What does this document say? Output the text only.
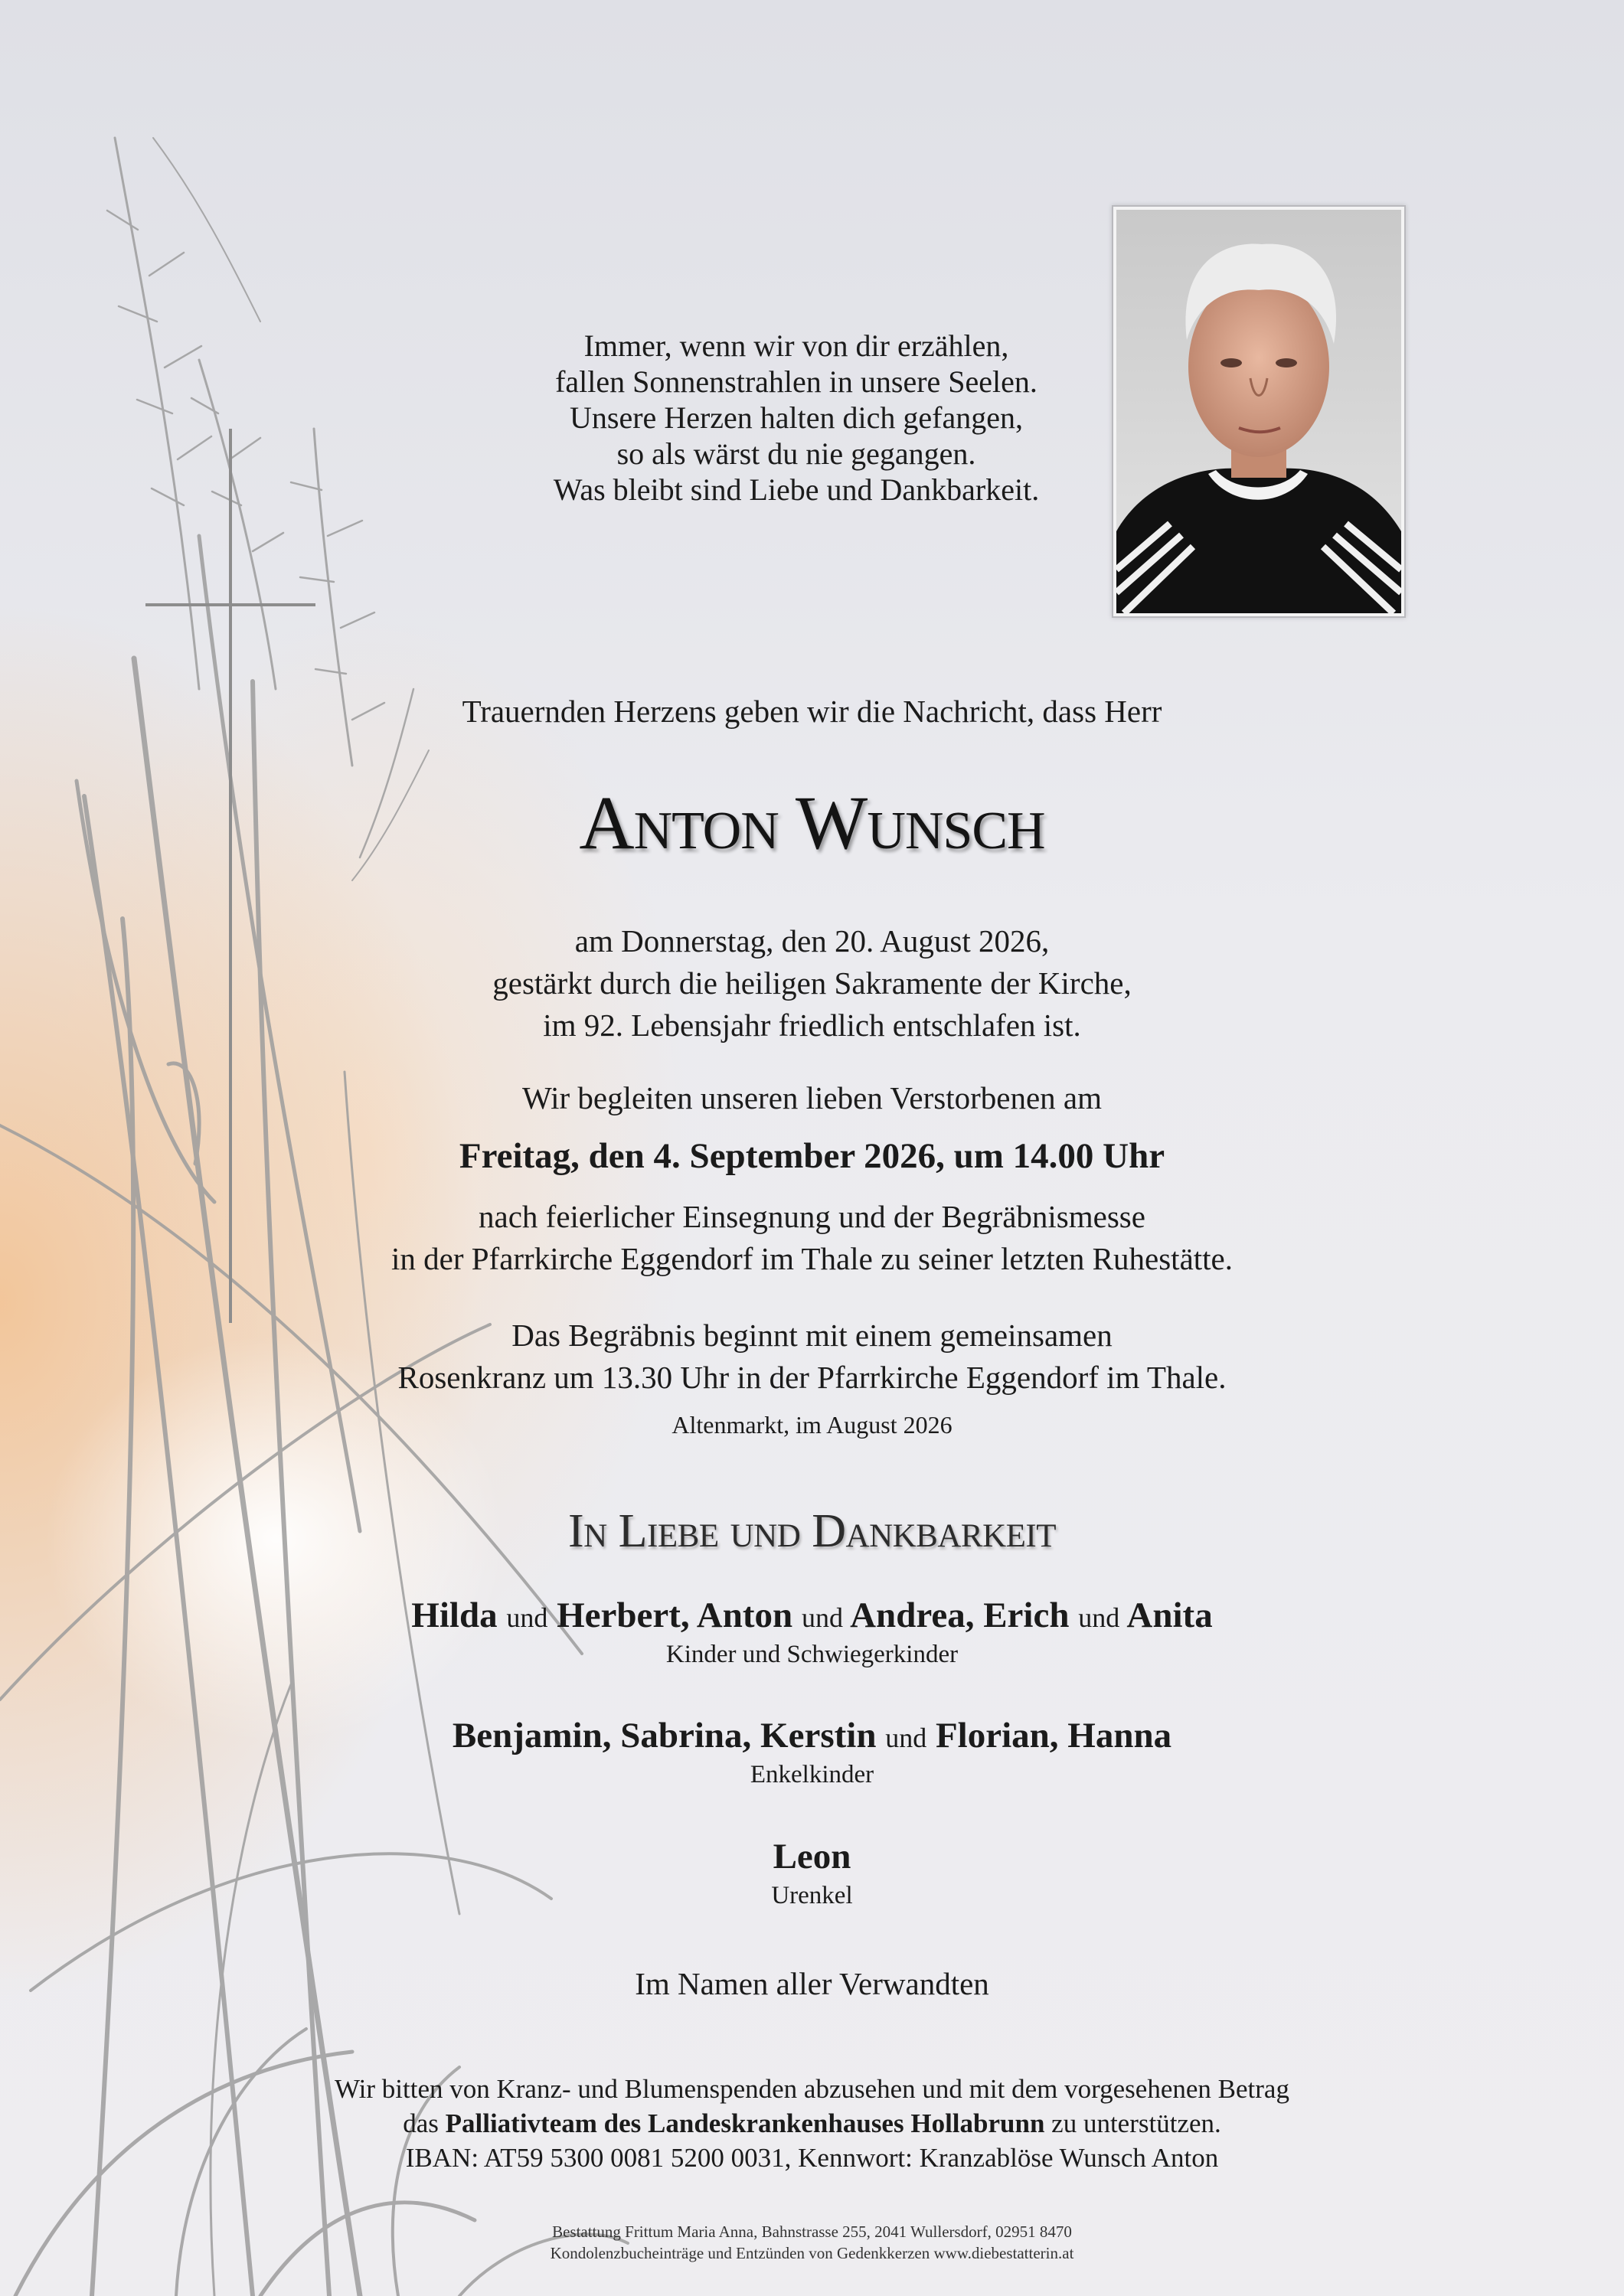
Immer, wenn wir von dir erzählen,
fallen Sonnenstrahlen in unsere Seelen.
Unsere Herzen halten dich gefangen,
so als wärst du nie gegangen.
Was bleibt sind Liebe und Dankbarkeit.
Trauernden Herzens geben wir die Nachricht, dass Herr
Anton Wunsch
am Donnerstag, den 20. August 2026,
gestärkt durch die heiligen Sakramente der Kirche,
im 92. Lebensjahr friedlich entschlafen ist.
Wir begleiten unseren lieben Verstorbenen am
Freitag, den 4. September 2026, um 14.00 Uhr
nach feierlicher Einsegnung und der Begräbnismesse
in der Pfarrkirche Eggendorf im Thale zu seiner letzten Ruhestätte.
Das Begräbnis beginnt mit einem gemeinsamen
Rosenkranz um 13.30 Uhr in der Pfarrkirche Eggendorf im Thale.
Altenmarkt, im August 2026
In Liebe und Dankbarkeit
Hilda und Herbert, Anton und Andrea, Erich und Anita
Kinder und Schwiegerkinder
Benjamin, Sabrina, Kerstin und Florian, Hanna
Enkelkinder
Leon
Urenkel
Im Namen aller Verwandten
Wir bitten von Kranz- und Blumenspenden abzusehen und mit dem vorgesehenen Betrag
das Palliativteam des Landeskrankenhauses Hollabrunn zu unterstützen.
IBAN: AT59 5300 0081 5200 0031, Kennwort: Kranzablöse Wunsch Anton
Bestattung Frittum Maria Anna, Bahnstrasse 255, 2041 Wullersdorf, 02951 8470
Kondolenzbucheinträge und Entzünden von Gedenkkerzen www.diebestatterin.at
